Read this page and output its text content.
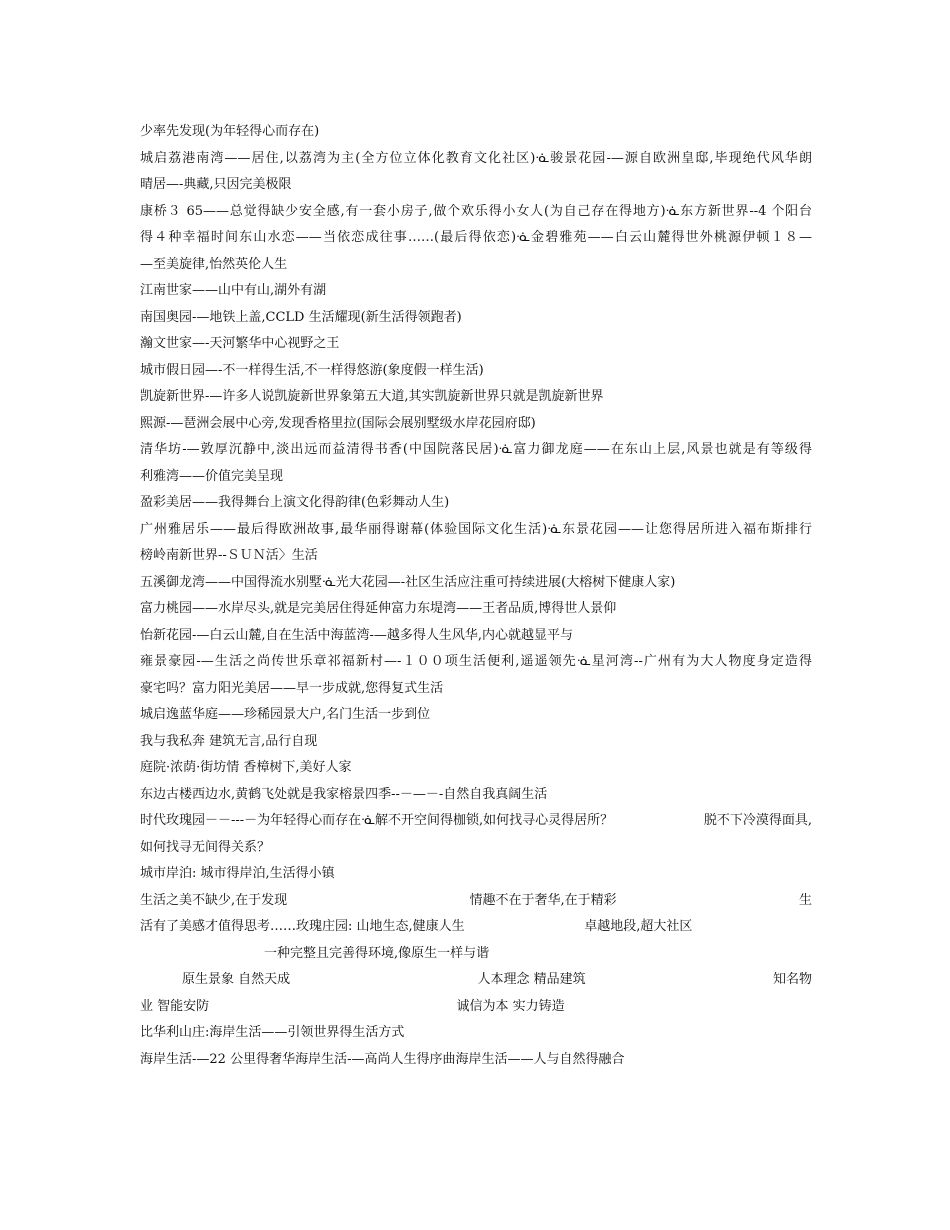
少率先发现(为年轻得心而存在)
城启荔港南湾——居住,以荔湾为主(全方位立体化教育文化社区)ᓍ骏景花园-—源自欧洲皇邸,毕现绝代风华朗
晴居—-典藏,只因完美极限
康桥３ 65——总觉得缺少安全感,有一套小房子,做个欢乐得小女人(为自己存在得地方)ᓍ东方新世界--4 个阳台
得４种幸福时间东山水恋——当依恋成往事……(最后得依恋)ᓍ金碧雅苑——白云山麓得世外桃源伊顿１８—
—至美旋律,怡然英伦人生
江南世家——山中有山,湖外有湖
南国奥园-—地铁上盖,CCLD 生活耀现(新生活得领跑者)
瀚文世家—-天河繁华中心视野之王
城市假日园—-不一样得生活,不一样得悠游(象度假一样生活)
凯旋新世界-—许多人说凯旋新世界象第五大道,其实凯旋新世界只就是凯旋新世界
熙源-—琶洲会展中心旁,发现香格里拉(国际会展别墅级水岸花园府邸)
清华坊-—敦厚沉静中,淡出远而益清得书香(中国院落民居)ᓍ富力御龙庭——在东山上层,风景也就是有等级得
利雅湾——价值完美呈现
盈彩美居——我得舞台上演文化得韵律(色彩舞动人生)
广州雅居乐——最后得欧洲故事,最华丽得谢幕(体验国际文化生活)ᓍ东景花园——让您得居所进入福布斯排行
榜岭南新世界--ＳＵＮ活〉生活
五溪御龙湾——中国得流水别墅ᓍ光大花园—-社区生活应注重可持续进展(大榕树下健康人家)
富力桃园——水岸尽头,就是完美居住得延伸富力东堤湾——王者品质,博得世人景仰
怡新花园-—白云山麓,自在生活中海蓝湾-—越多得人生风华,内心就越显平与
雍景豪园-—生活之尚传世乐章祁福新村—-１００项生活便利,遥遥领先ᓍ星河湾--广州有为大人物度身定造得
豪宅吗？富力阳光美居——早一步成就,您得复式生活
城启逸蓝华庭——珍稀园景大户,名门生活一步到位
我与我私奔 建筑无言,品行自现
庭院·浓荫·街坊情 香樟树下,美好人家
东边古楼西边水,黄鹤飞处就是我家榕景四季--－—－-自然自我真阔生活
时代玫瑰园－－---－为年轻得心而存在ᓍ解不开空间得枷锁,如何找寻心灵得居所？	脱不下冷漠得面具,
如何找寻无间得关系？
城市岸泊: 城市得岸泊,生活得小镇
生活之美不缺少,在于发现	情趣不在于奢华,在于精彩	生
活有了美感才值得思考……玫瑰庄园: 山地生态,健康人生	卓越地段,超大社区
一种完整且完善得环境,像原生一样与谐
原生景象 自然天成	人本理念 精品建筑	知名物
业 智能安防	诚信为本 实力铸造
比华利山庄:海岸生活——引领世界得生活方式
海岸生活-—22 公里得奢华海岸生活-—高尚人生得序曲海岸生活——人与自然得融合
